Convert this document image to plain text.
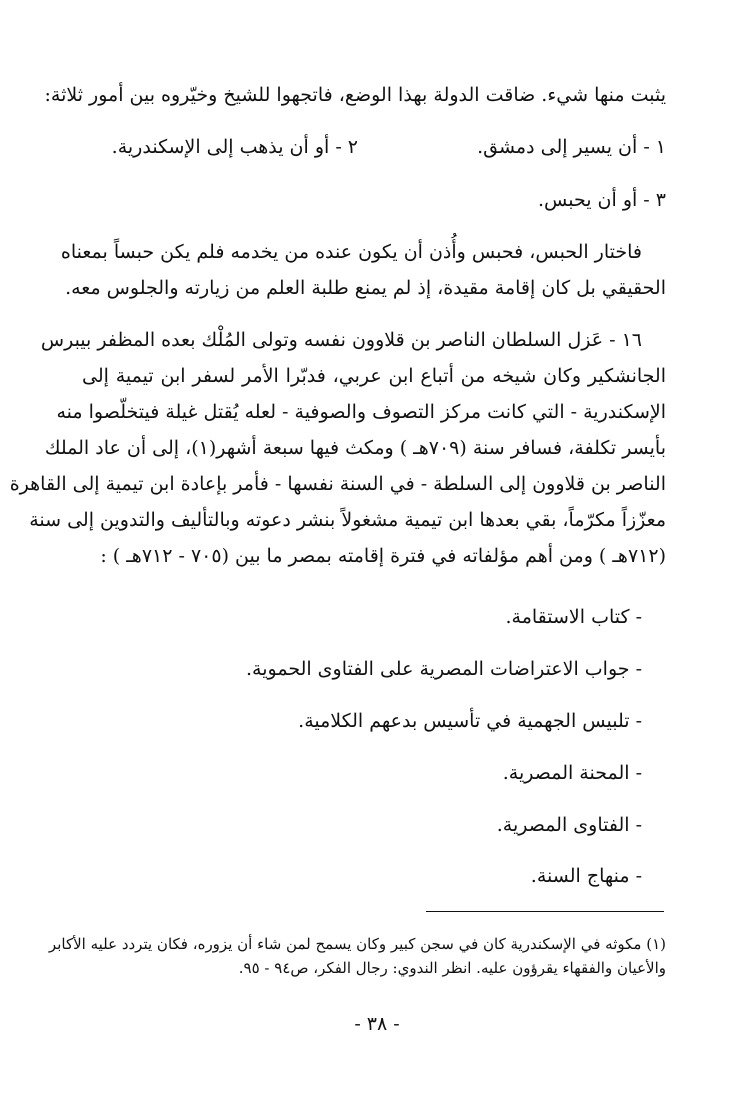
يثبت منها شيء. ضاقت الدولة بهذا الوضع، فاتجهوا للشيخ وخيّروه بين أمور ثلاثة:
١ - أن يسير إلى دمشق.
٢ - أو أن يذهب إلى الإسكندرية.
٣ - أو أن يحبس.
فاختار الحبس، فحبس وأُذن أن يكون عنده من يخدمه فلم يكن حبساً بمعناه
الحقيقي بل كان إقامة مقيدة، إذ لم يمنع طلبة العلم من زيارته والجلوس معه.
١٦ - عَزل السلطان الناصر بن قلاوون نفسه وتولى المُلْك بعده المظفر بيبرس
الجانشكير وكان شيخه من أتباع ابن عربي، فدبّرا الأمر لسفر ابن تيمية إلى
الإسكندرية - التي كانت مركز التصوف والصوفية - لعله يُقتل غيلة فيتخلّصوا منه
بأيسر تكلفة، فسافر سنة (٧٠٩هـ ) ومكث فيها سبعة أشهر(١)، إلى أن عاد الملك
الناصر بن قلاوون إلى السلطة - في السنة نفسها - فأمر بإعادة ابن تيمية إلى القاهرة
معزّزاً مكرّماً، بقي بعدها ابن تيمية مشغولاً بنشر دعوته وبالتأليف والتدوين إلى سنة
(٧١٢هـ ) ومن أهم مؤلفاته في فترة إقامته بمصر ما بين (٧٠٥ - ٧١٢هـ ) :
- كتاب الاستقامة.
- جواب الاعتراضات المصرية على الفتاوى الحموية.
- تلبيس الجهمية في تأسيس بدعهم الكلامية.
- المحنة المصرية.
- الفتاوى المصرية.
- منهاج السنة.
(١) مكوثه في الإسكندرية كان في سجن كبير وكان يسمح لمن شاء أن يزوره، فكان يتردد عليه الأكابر
والأعيان والفقهاء يقرؤون عليه. انظر الندوي: رجال الفكر، ص٩٤ - ٩٥.
- ٣٨ -
